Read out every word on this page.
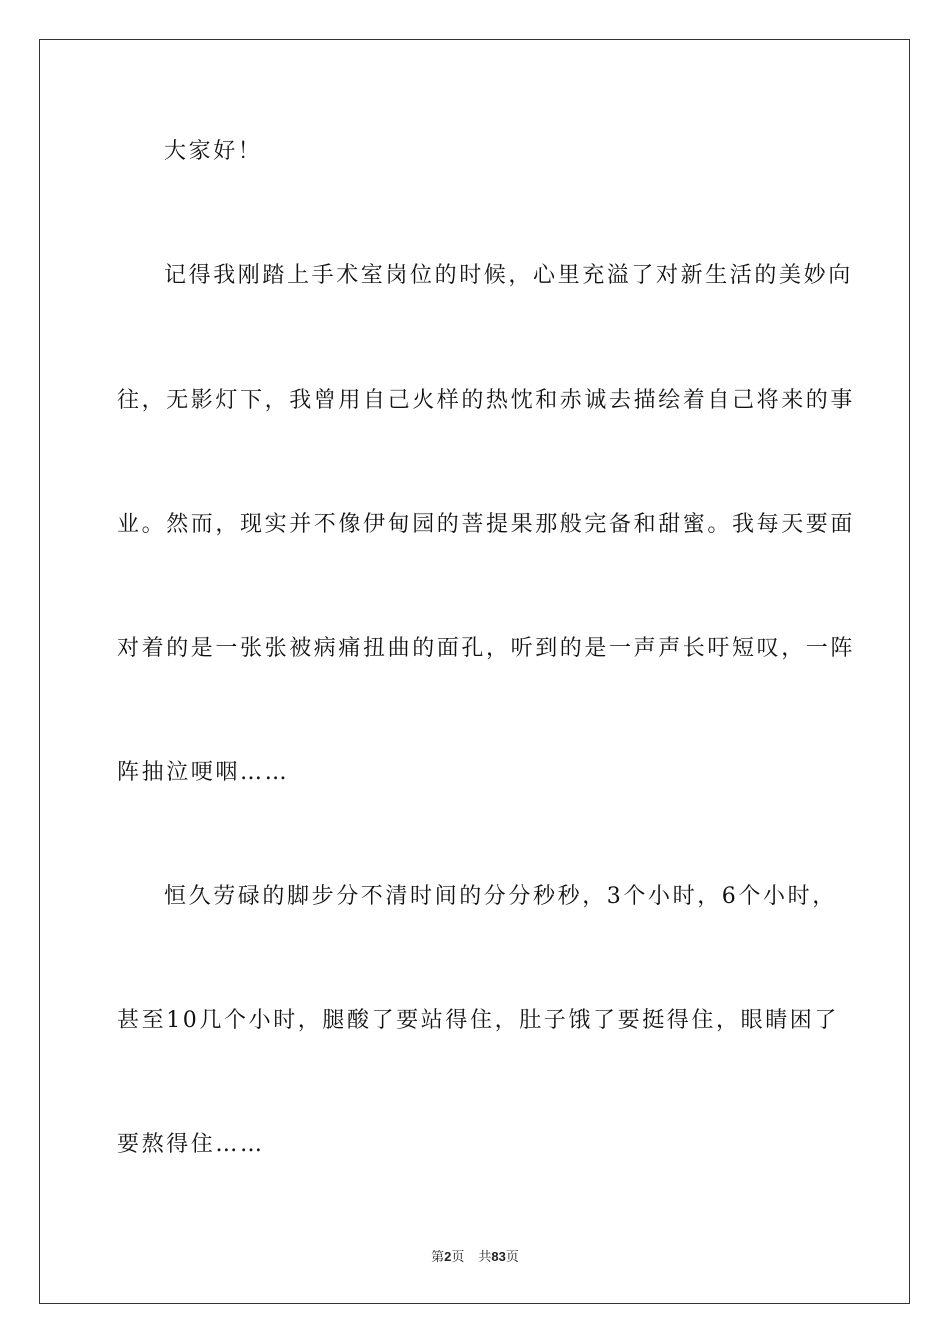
大家好！
记得我刚踏上手术室岗位的时候，心里充溢了对新生活的美妙向
往，无影灯下，我曾用自己火样的热忱和赤诚去描绘着自己将来的事
业。然而，现实并不像伊甸园的菩提果那般完备和甜蜜。我每天要面
对着的是一张张被病痛扭曲的面孔，听到的是一声声长吁短叹，一阵
阵抽泣哽咽……
恒久劳碌的脚步分不清时间的分分秒秒，3个小时，6个小时，
甚至10几个小时，腿酸了要站得住，肚子饿了要挺得住，眼睛困了
要熬得住……
第2页 共83页
